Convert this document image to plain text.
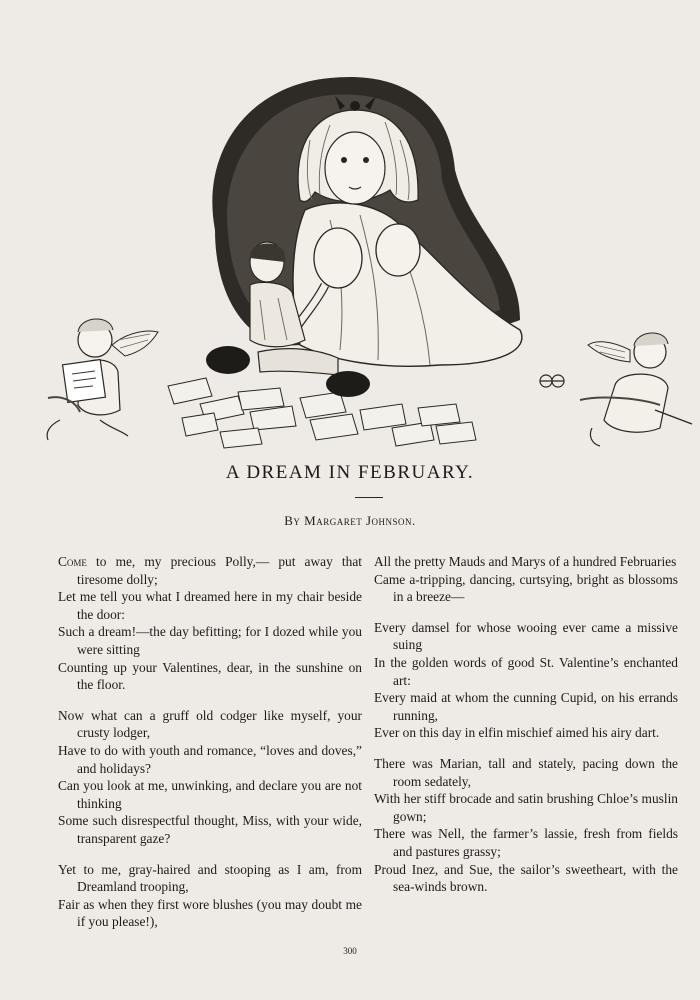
A DREAM IN FEBRUARY.
By Margaret Johnson.
Come to me, my precious Polly,— put away that tiresome dolly;
Let me tell you what I dreamed here in my chair beside the door:
Such a dream!—the day befitting; for I dozed while you were sitting
Counting up your Valentines, dear, in the sunshine on the floor.
Now what can a gruff old codger like myself, your crusty lodger,
Have to do with youth and romance, “loves and doves,” and holidays?
Can you look at me, unwinking, and declare you are not thinking
Some such disrespectful thought, Miss, with your wide, transparent gaze?
Yet to me, gray-haired and stooping as I am, from Dreamland trooping,
Fair as when they first wore blushes (you may doubt me if you please!),
All the pretty Mauds and Marys of a hundred Februaries
Came a-tripping, dancing, curtsying, bright as blossoms in a breeze—
Every damsel for whose wooing ever came a missive suing
In the golden words of good St. Valentine’s enchanted art:
Every maid at whom the cunning Cupid, on his errands running,
Ever on this day in elfin mischief aimed his airy dart.
There was Marian, tall and stately, pacing down the room sedately,
With her stiff brocade and satin brushing Chloe’s muslin gown;
There was Nell, the farmer’s lassie, fresh from fields and pastures grassy;
Proud Inez, and Sue, the sailor’s sweetheart, with the sea-winds brown.
300
